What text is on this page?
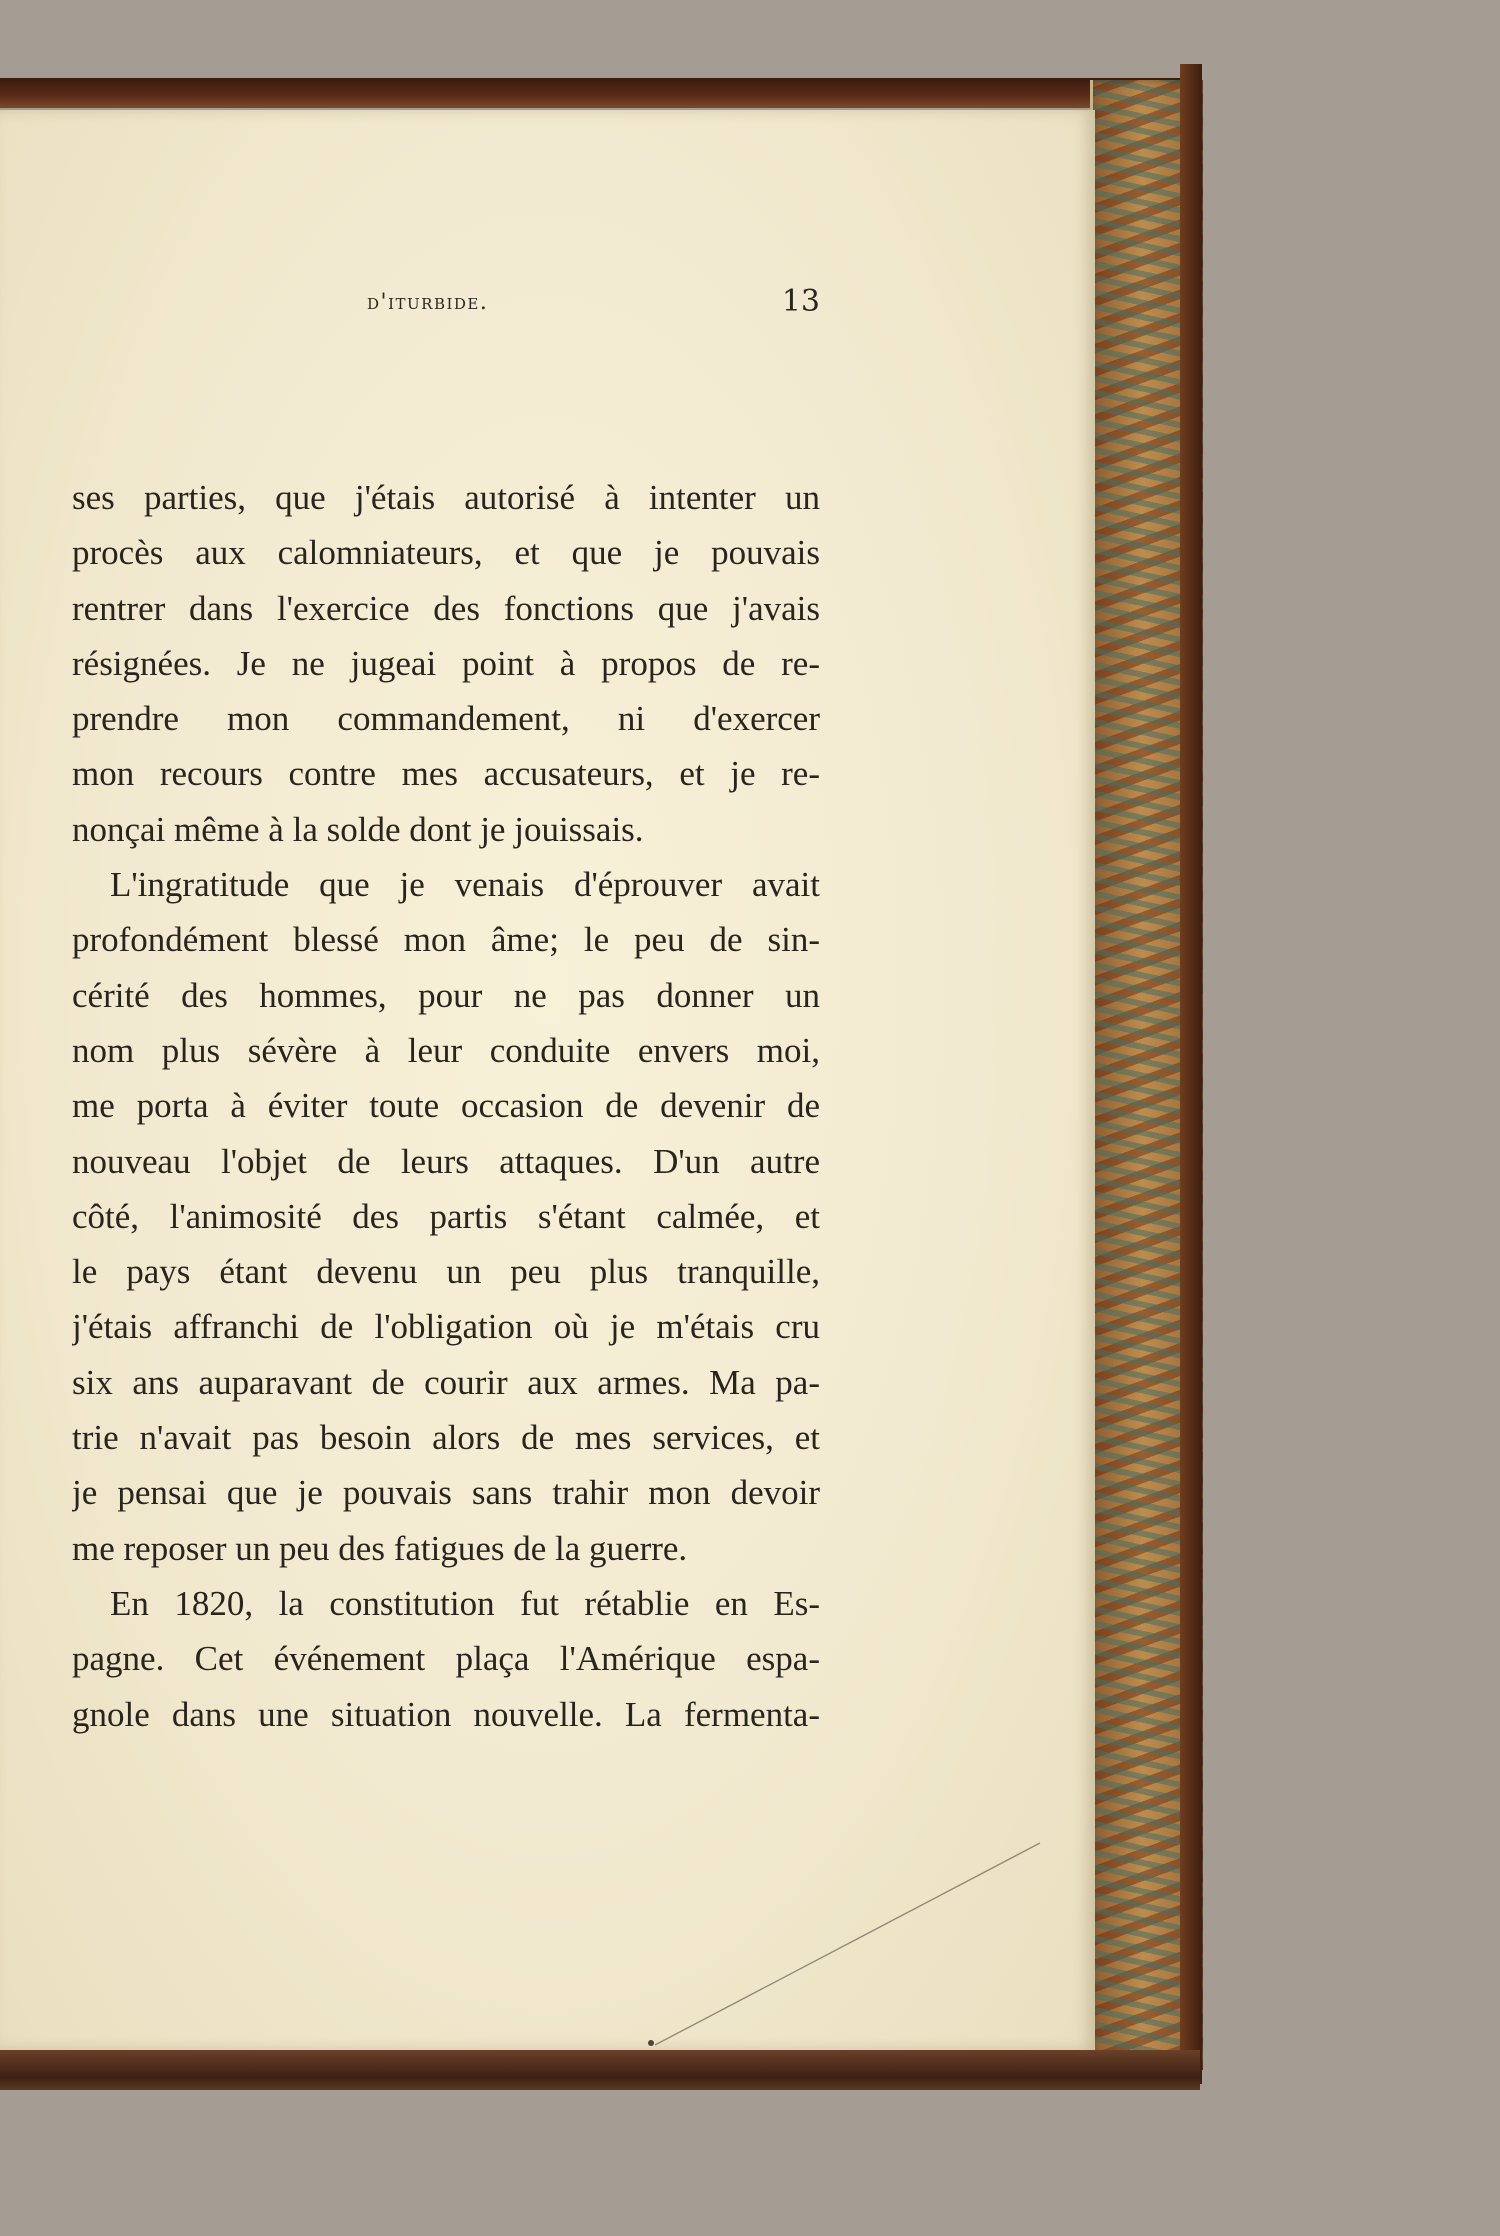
d'iturbide.	13
ses parties, que j'étais autorisé à intenter un
procès aux calomniateurs, et que je pouvais
rentrer dans l'exercice des fonctions que j'avais
résignées. Je ne jugeai point à propos de re-
prendre mon commandement, ni d'exercer
mon recours contre mes accusateurs, et je re-
nonçai même à la solde dont je jouissais.
L'ingratitude que je venais d'éprouver avait
profondément blessé mon âme; le peu de sin-
cérité des hommes, pour ne pas donner un
nom plus sévère à leur conduite envers moi,
me porta à éviter toute occasion de devenir de
nouveau l'objet de leurs attaques. D'un autre
côté, l'animosité des partis s'étant calmée, et
le pays étant devenu un peu plus tranquille,
j'étais affranchi de l'obligation où je m'étais cru
six ans auparavant de courir aux armes. Ma pa-
trie n'avait pas besoin alors de mes services, et
je pensai que je pouvais sans trahir mon devoir
me reposer un peu des fatigues de la guerre.
En 1820, la constitution fut rétablie en Es-
pagne. Cet événement plaça l'Amérique espa-
gnole dans une situation nouvelle. La fermenta-
